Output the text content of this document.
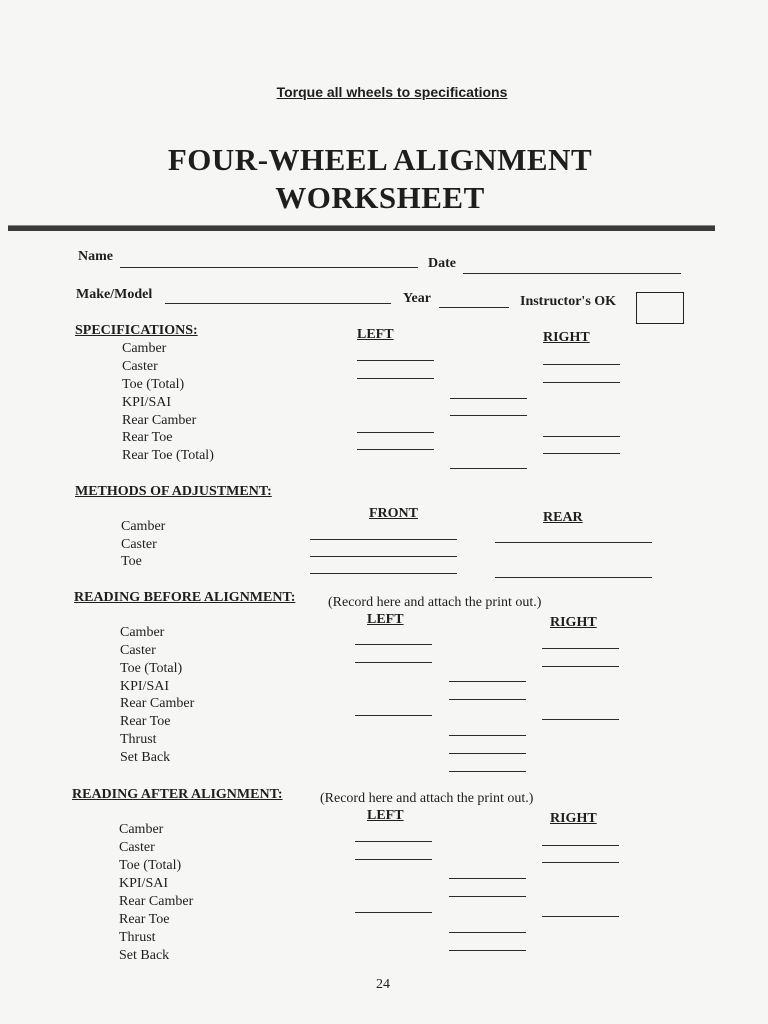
Torque all wheels to specifications
FOUR-WHEEL ALIGNMENT
WORKSHEET
Name	Date
Make/Model	Year	Instructor's OK
SPECIFICATIONS:	LEFT	RIGHT
Camber
Caster
Toe (Total)
KPI/SAI
Rear Camber
Rear Toe
Rear Toe (Total)
METHODS OF ADJUSTMENT:
FRONT	REAR
Camber
Caster
Toe
READING BEFORE ALIGNMENT: (Record here and attach the print out.)
LEFT	RIGHT
Camber
Caster
Toe (Total)
KPI/SAI
Rear Camber
Rear Toe
Thrust
Set Back
READING AFTER ALIGNMENT:	(Record here and attach the print out.)
LEFT	RIGHT
Camber
Caster
Toe (Total)
KPI/SAI
Rear Camber
Rear Toe
Thrust
Set Back
24
